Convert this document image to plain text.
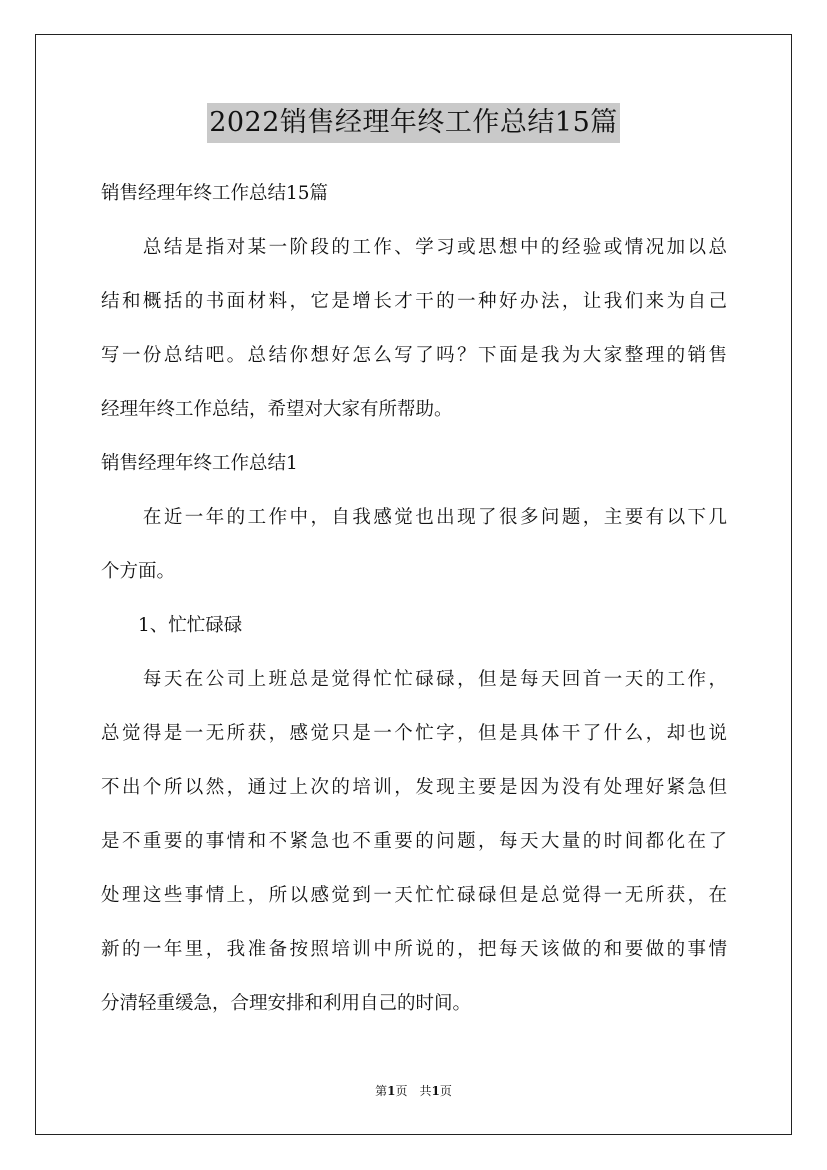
2022销售经理年终工作总结15篇
销售经理年终工作总结15篇
　　总结是指对某一阶段的工作、学习或思想中的经验或情况加以总
结和概括的书面材料，它是增长才干的一种好办法，让我们来为自己
写一份总结吧。总结你想好怎么写了吗？下面是我为大家整理的销售
经理年终工作总结，希望对大家有所帮助。
销售经理年终工作总结1
　　在近一年的工作中，自我感觉也出现了很多问题，主要有以下几
个方面。
　　1、忙忙碌碌
　　每天在公司上班总是觉得忙忙碌碌，但是每天回首一天的工作，
总觉得是一无所获，感觉只是一个忙字，但是具体干了什么，却也说
不出个所以然，通过上次的培训，发现主要是因为没有处理好紧急但
是不重要的事情和不紧急也不重要的问题，每天大量的时间都化在了
处理这些事情上，所以感觉到一天忙忙碌碌但是总觉得一无所获，在
新的一年里，我准备按照培训中所说的，把每天该做的和要做的事情
分清轻重缓急，合理安排和利用自己的时间。
第1页　共1页
